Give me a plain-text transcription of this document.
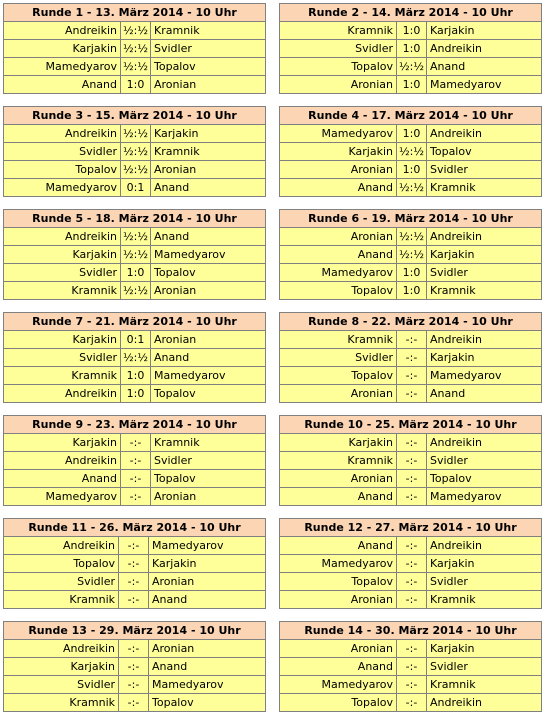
Runde 1 - 13. März 2014 - 10 Uhr		
Andreikin	½:½	Kramnik
Karjakin	½:½	Svidler
Mamedyarov	½:½	Topalov
Anand	1:0	Aronian
Runde 2 - 14. März 2014 - 10 Uhr		
Kramnik	1:0	Karjakin
Svidler	1:0	Andreikin
Topalov	½:½	Anand
Aronian	1:0	Mamedyarov
Runde 3 - 15. März 2014 - 10 Uhr		
Andreikin	½:½	Karjakin
Svidler	½:½	Kramnik
Topalov	½:½	Aronian
Mamedyarov	0:1	Anand
Runde 4 - 17. März 2014 - 10 Uhr		
Mamedyarov	1:0	Andreikin
Karjakin	½:½	Topalov
Aronian	1:0	Svidler
Anand	½:½	Kramnik
Runde 5 - 18. März 2014 - 10 Uhr		
Andreikin	½:½	Anand
Karjakin	½:½	Mamedyarov
Svidler	1:0	Topalov
Kramnik	½:½	Aronian
Runde 6 - 19. März 2014 - 10 Uhr		
Aronian	½:½	Andreikin
Anand	½:½	Karjakin
Mamedyarov	1:0	Svidler
Topalov	1:0	Kramnik
Runde 7 - 21. März 2014 - 10 Uhr		
Karjakin	0:1	Aronian
Svidler	½:½	Anand
Kramnik	1:0	Mamedyarov
Andreikin	1:0	Topalov
Runde 8 - 22. März 2014 - 10 Uhr		
Kramnik	-:-	Andreikin
Svidler	-:-	Karjakin
Topalov	-:-	Mamedyarov
Aronian	-:-	Anand
Runde 9 - 23. März 2014 - 10 Uhr		
Karjakin	-:-	Kramnik
Andreikin	-:-	Svidler
Anand	-:-	Topalov
Mamedyarov	-:-	Aronian
Runde 10 - 25. März 2014 - 10 Uhr		
Karjakin	-:-	Andreikin
Kramnik	-:-	Svidler
Aronian	-:-	Topalov
Anand	-:-	Mamedyarov
Runde 11 - 26. März 2014 - 10 Uhr		
Andreikin	-:-	Mamedyarov
Topalov	-:-	Karjakin
Svidler	-:-	Aronian
Kramnik	-:-	Anand
Runde 12 - 27. März 2014 - 10 Uhr		
Anand	-:-	Andreikin
Mamedyarov	-:-	Karjakin
Topalov	-:-	Svidler
Aronian	-:-	Kramnik
Runde 13 - 29. März 2014 - 10 Uhr		
Andreikin	-:-	Aronian
Karjakin	-:-	Anand
Svidler	-:-	Mamedyarov
Kramnik	-:-	Topalov
Runde 14 - 30. März 2014 - 10 Uhr		
Aronian	-:-	Karjakin
Anand	-:-	Svidler
Mamedyarov	-:-	Kramnik
Topalov	-:-	Andreikin
